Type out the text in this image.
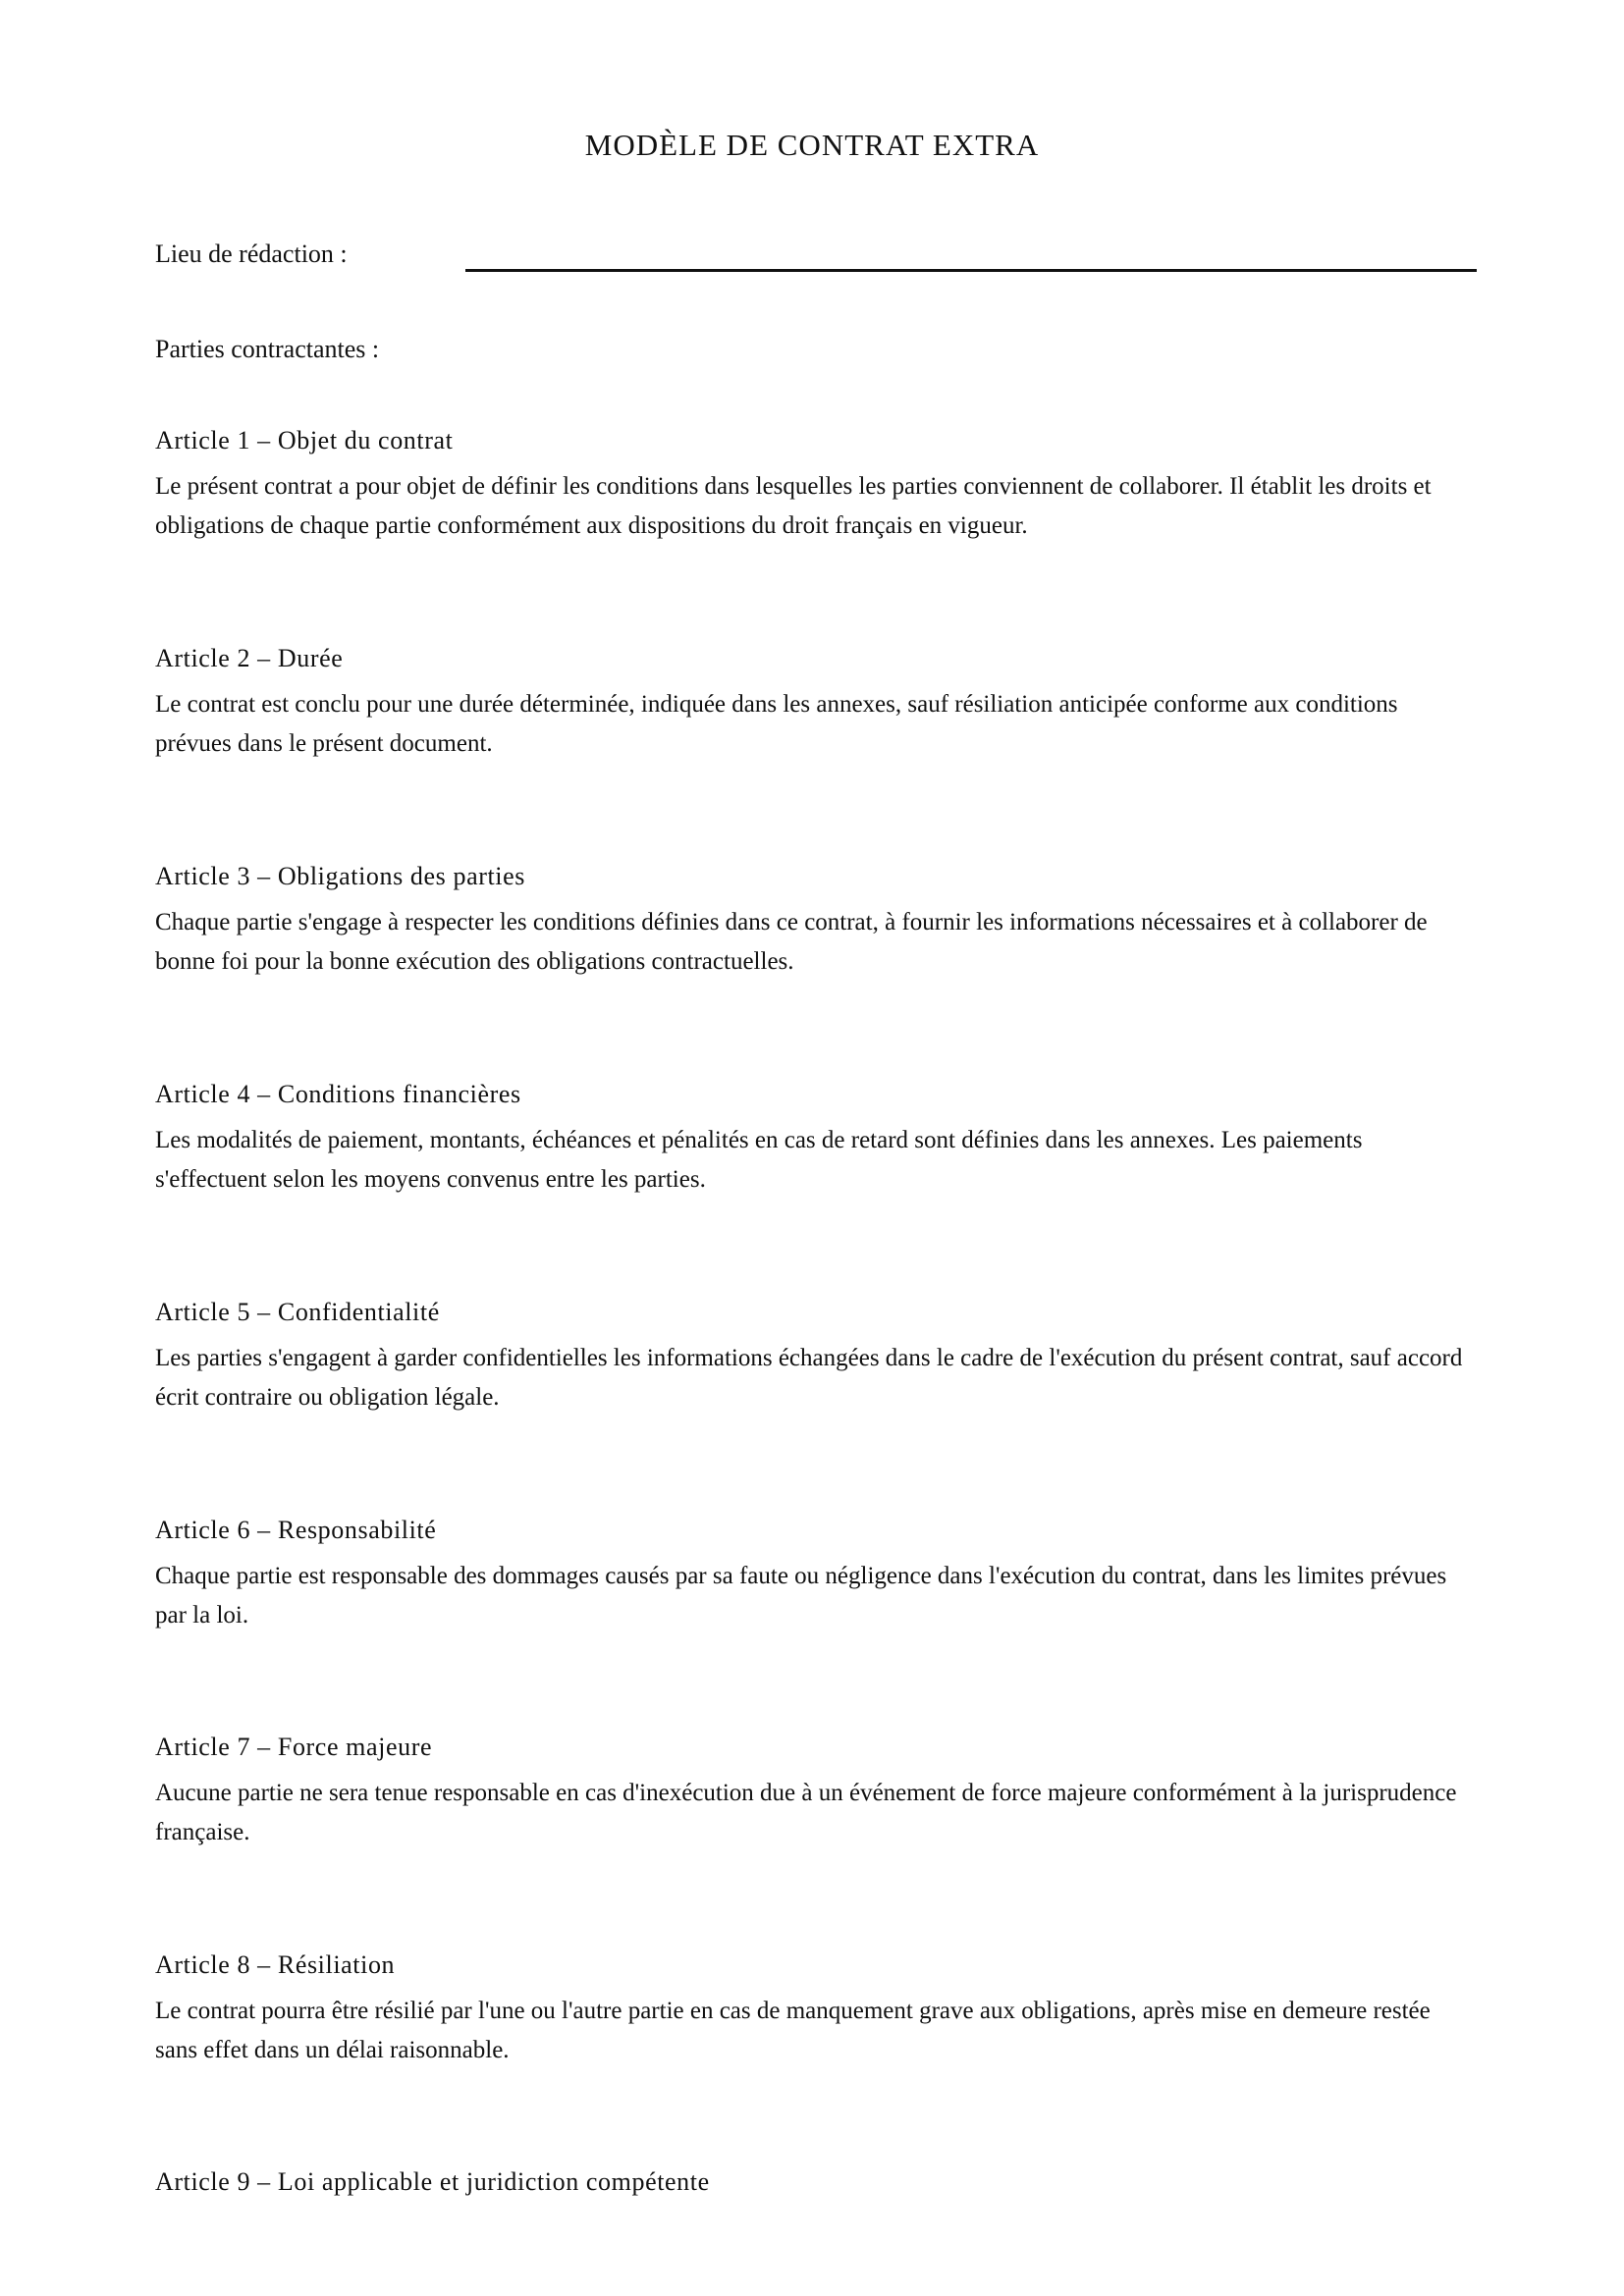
MODÈLE DE CONTRAT EXTRA
Lieu de rédaction :
Parties contractantes :
Article 1 – Objet du contrat

Le présent contrat a pour objet de définir les conditions dans lesquelles les parties conviennent de collaborer. Il établit les droits et obligations de chaque partie conformément aux dispositions du droit français en vigueur.

Article 2 – Durée

Le contrat est conclu pour une durée déterminée, indiquée dans les annexes, sauf résiliation anticipée conforme aux conditions prévues dans le présent document.

Article 3 – Obligations des parties

Chaque partie s'engage à respecter les conditions définies dans ce contrat, à fournir les informations nécessaires et à collaborer de bonne foi pour la bonne exécution des obligations contractuelles.

Article 4 – Conditions financières

Les modalités de paiement, montants, échéances et pénalités en cas de retard sont définies dans les annexes. Les paiements s'effectuent selon les moyens convenus entre les parties.

Article 5 – Confidentialité

Les parties s'engagent à garder confidentielles les informations échangées dans le cadre de l'exécution du présent contrat, sauf accord écrit contraire ou obligation légale.

Article 6 – Responsabilité

Chaque partie est responsable des dommages causés par sa faute ou négligence dans l'exécution du contrat, dans les limites prévues par la loi.

Article 7 – Force majeure

Aucune partie ne sera tenue responsable en cas d'inexécution due à un événement de force majeure conformément à la jurisprudence française.

Article 8 – Résiliation

Le contrat pourra être résilié par l'une ou l'autre partie en cas de manquement grave aux obligations, après mise en demeure restée sans effet dans un délai raisonnable.

Article 9 – Loi applicable et juridiction compétente
